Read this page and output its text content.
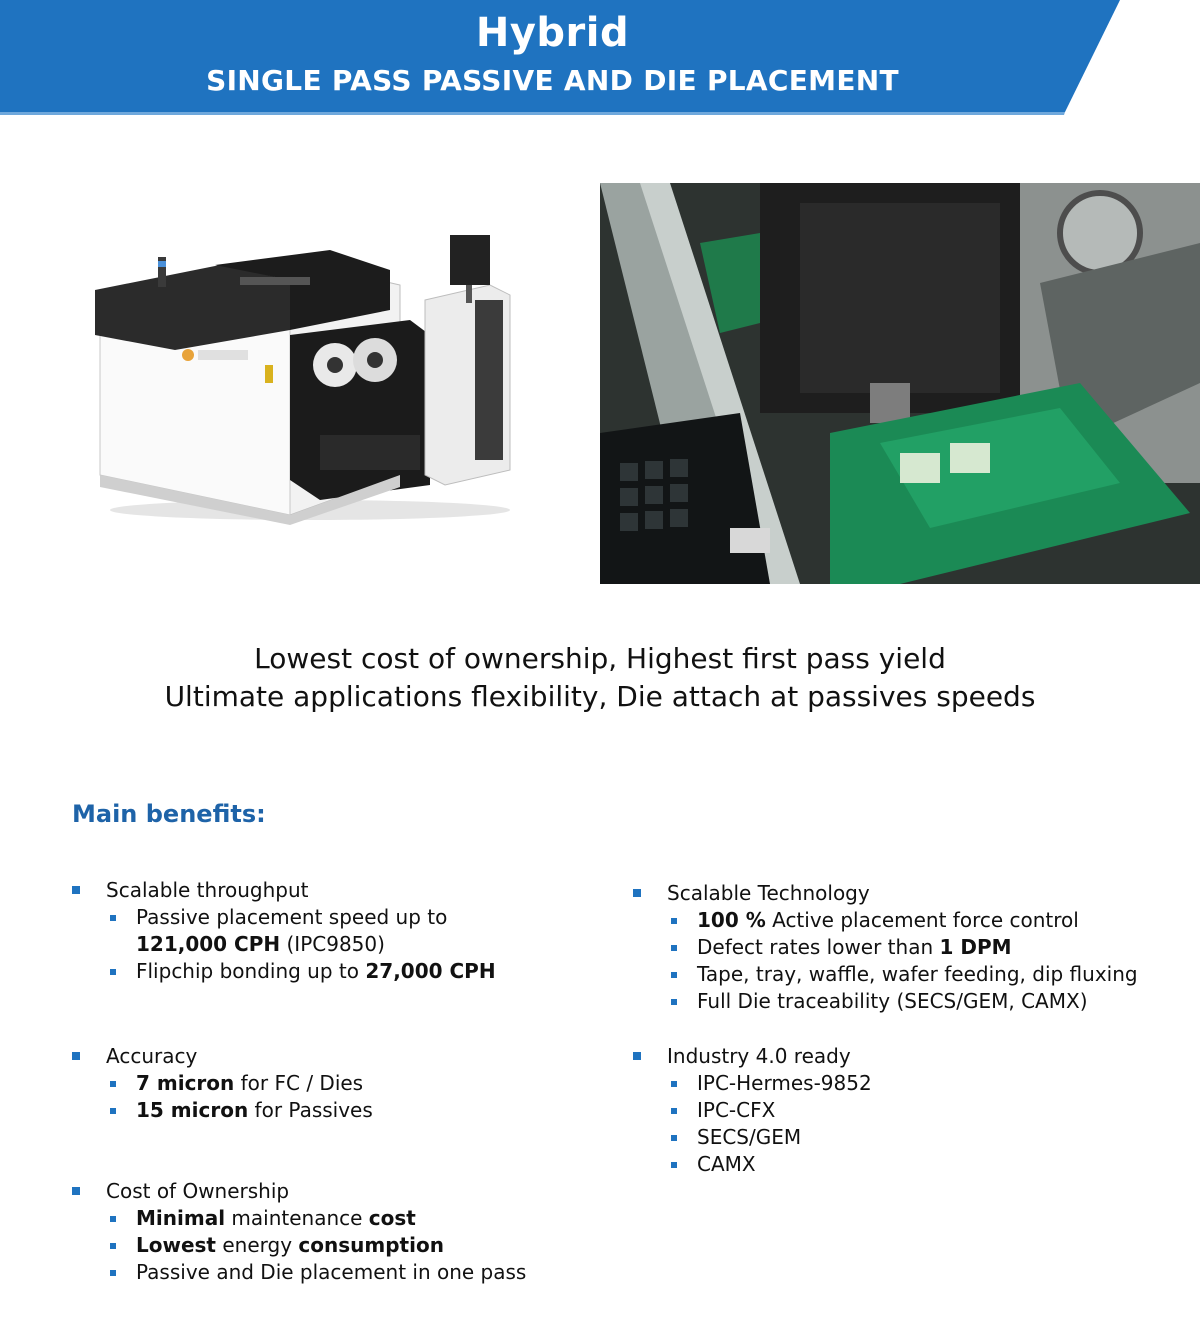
Hybrid
SINGLE PASS PASSIVE AND DIE PLACEMENT
Lowest cost of ownership, Highest first pass yield
Ultimate applications flexibility, Die attach at passives speeds
Main benefits:
Scalable throughput
Passive placement speed up to
121,000 CPH (IPC9850)
Flipchip bonding up to 27,000 CPH
Accuracy
7 micron for FC / Dies
15 micron for Passives
Cost of Ownership
Minimal maintenance cost
Lowest energy consumption
Passive and Die placement in one pass
Scalable Technology
100 % Active placement force control
Defect rates lower than 1 DPM
Tape, tray, waffle, wafer feeding, dip fluxing
Full Die traceability (SECS/GEM, CAMX)
Industry 4.0 ready
IPC-Hermes-9852
IPC-CFX
SECS/GEM
CAMX
